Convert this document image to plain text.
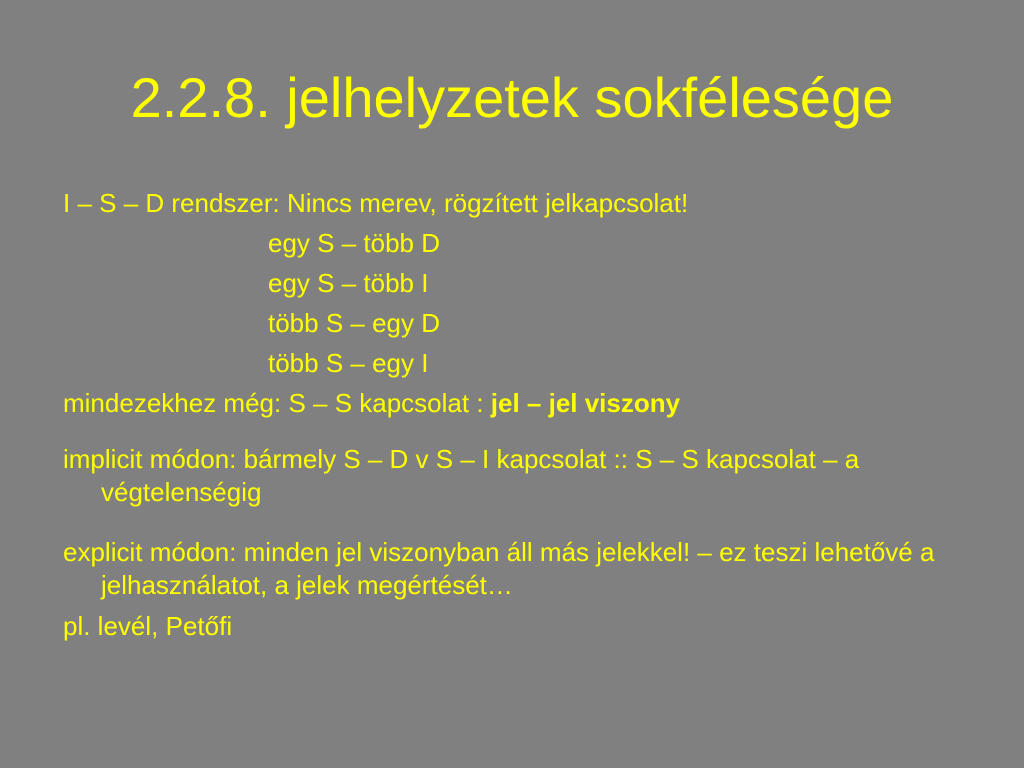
2.2.8. jelhelyzetek sokfélesége

I – S – D rendszer: Nincs merev, rögzített jelkapcsolat!

egy S – több D

egy S – több I

több S – egy D

több S – egy I

mindezekhez még: S – S kapcsolat : jel – jel viszony

implicit módon: bármely S – D v S – I kapcsolat :: S – S kapcsolat – a végtelenségig

explicit módon: minden jel viszonyban áll más jelekkel! – ez teszi lehetővé a jelhasználatot, a jelek megértését…

pl. levél, Petőfi
